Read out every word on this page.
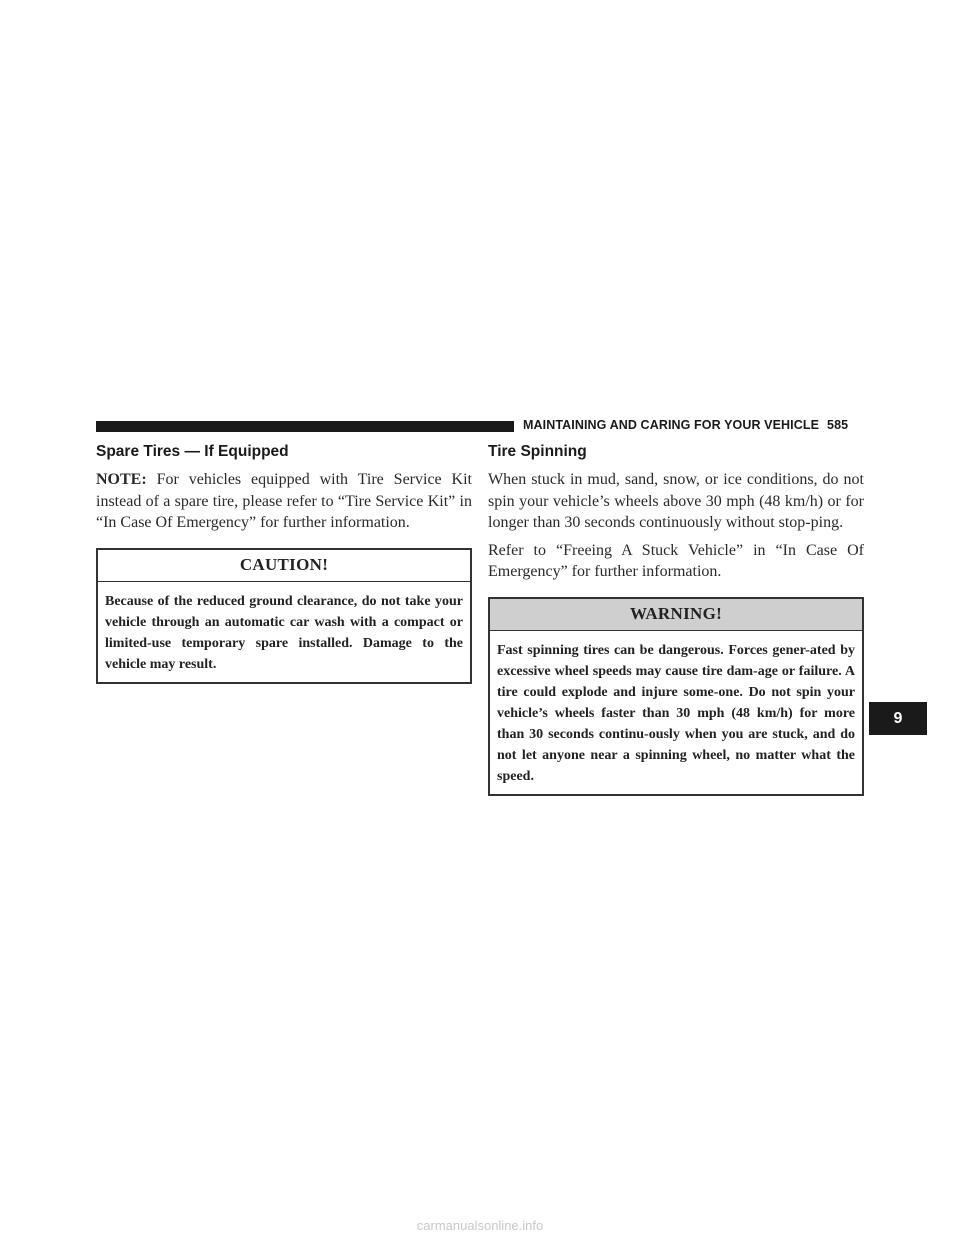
MAINTAINING AND CARING FOR YOUR VEHICLE 585
Spare Tires — If Equipped

NOTE: For vehicles equipped with Tire Service Kit instead of a spare tire, please refer to “Tire Service Kit” in “In Case Of Emergency” for further information.

CAUTION!
Because of the reduced ground clearance, do not take your vehicle through an automatic car wash with a compact or limited-use temporary spare installed. Damage to the vehicle may result.
Tire Spinning

When stuck in mud, sand, snow, or ice conditions, do not spin your vehicle’s wheels above 30 mph (48 km/h) or for longer than 30 seconds continuously without stop-ping.

Refer to “Freeing A Stuck Vehicle” in “In Case Of Emergency” for further information.

WARNING!
Fast spinning tires can be dangerous. Forces gener-ated by excessive wheel speeds may cause tire dam-age or failure. A tire could explode and injure some-one. Do not spin your vehicle’s wheels faster than 30 mph (48 km/h) for more than 30 seconds continu-ously when you are stuck, and do not let anyone near a spinning wheel, no matter what the speed.
9
carmanualsonline.info
